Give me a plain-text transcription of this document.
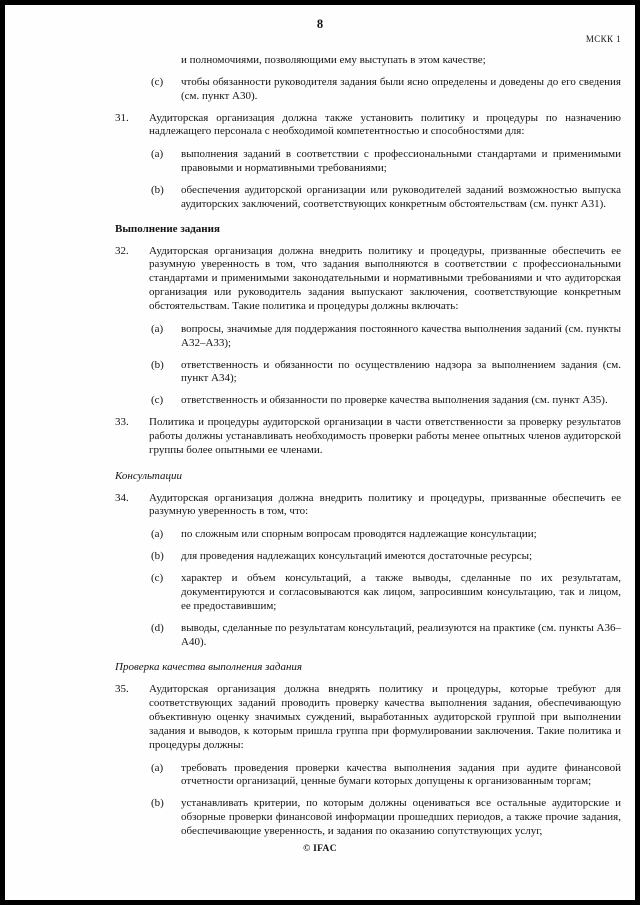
8
МСКК 1
и полномочиями, позволяющими ему выступать в этом качестве;
(c) чтобы обязанности руководителя задания были ясно определены и доведены до его сведения (см. пункт А30).
31. Аудиторская организация должна также установить политику и процедуры по назначению надлежащего персонала с необходимой компетентностью и способностями для:
(a) выполнения заданий в соответствии с профессиональными стандартами и применимыми правовыми и нормативными требованиями;
(b) обеспечения аудиторской организации или руководителей заданий возможностью выпуска аудиторских заключений, соответствующих конкретным обстоятельствам (см. пункт А31).
Выполнение задания
32. Аудиторская организация должна внедрить политику и процедуры, призванные обеспечить ее разумную уверенность в том, что задания выполняются в соответствии с профессиональными стандартами и применимыми законодательными и нормативными требованиями и что аудиторская организация или руководитель задания выпускают заключения, соответствующие конкретным обстоятельствам. Такие политика и процедуры должны включать:
(a) вопросы, значимые для поддержания постоянного качества выполнения заданий (см. пункты А32–А33);
(b) ответственность и обязанности по осуществлению надзора за выполнением задания (см. пункт А34);
(c) ответственность и обязанности по проверке качества выполнения задания (см. пункт А35).
33. Политика и процедуры аудиторской организации в части ответственности за проверку результатов работы должны устанавливать необходимость проверки работы менее опытных членов аудиторской группы более опытными ее членами.
Консультации
34. Аудиторская организация должна внедрить политику и процедуры, призванные обеспечить ее разумную уверенность в том, что:
(a) по сложным или спорным вопросам проводятся надлежащие консультации;
(b) для проведения надлежащих консультаций имеются достаточные ресурсы;
(c) характер и объем консультаций, а также выводы, сделанные по их результатам, документируются и согласовываются как лицом, запросившим консультацию, так и лицом, ее предоставившим;
(d) выводы, сделанные по результатам консультаций, реализуются на практике (см. пункты А36–А40).
Проверка качества выполнения задания
35. Аудиторская организация должна внедрять политику и процедуры, которые требуют для соответствующих заданий проводить проверку качества выполнения задания, обеспечивающую объективную оценку значимых суждений, выработанных аудиторской группой при выполнении задания и выводов, к которым пришла группа при формулировании заключения. Такие политика и процедуры должны:
(a) требовать проведения проверки качества выполнения задания при аудите финансовой отчетности организаций, ценные бумаги которых допущены к организованным торгам;
(b) устанавливать критерии, по которым должны оцениваться все остальные аудиторские и обзорные проверки финансовой информации прошедших периодов, а также прочие задания, обеспечивающие уверенность, и задания по оказанию сопутствующих услуг,
© IFAC
